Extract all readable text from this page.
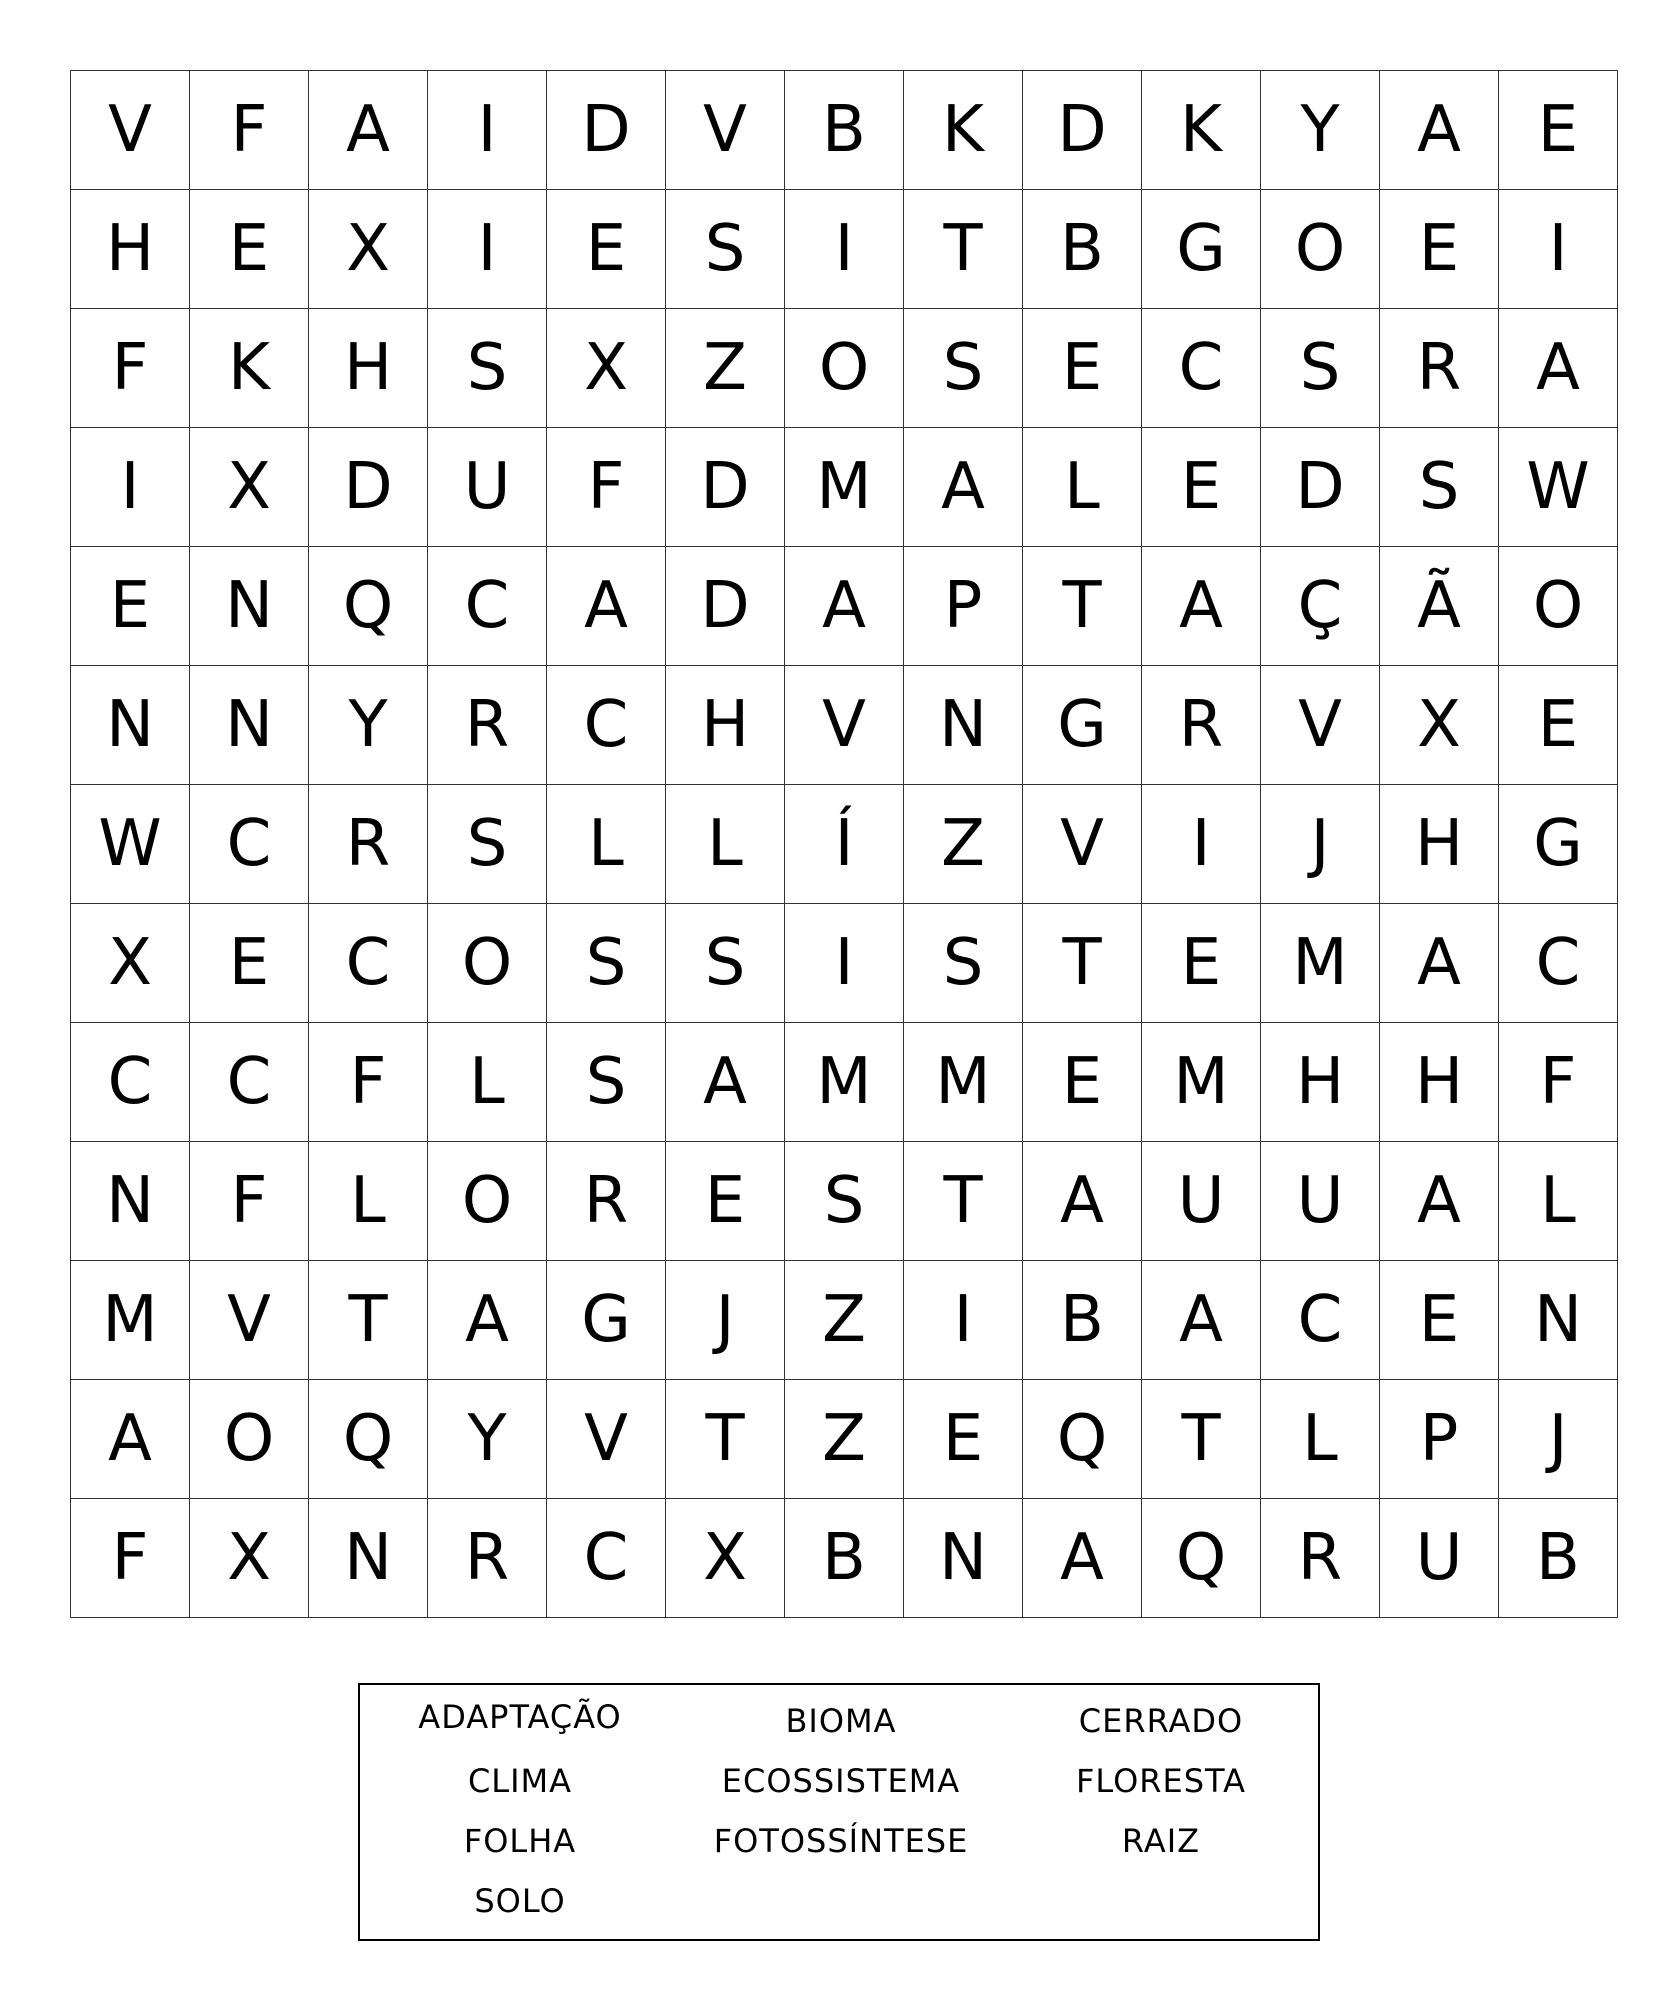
V	F	A	I	D	V	B	K	D	K	Y	A	E
H	E	X	I	E	S	I	T	B	G	O	E	I
F	K	H	S	X	Z	O	S	E	C	S	R	A
I	X	D	U	F	D	M	A	L	E	D	S	W
E	N	Q	C	A	D	A	P	T	A	Ç	Ã	O
N	N	Y	R	C	H	V	N	G	R	V	X	E
W	C	R	S	L	L	Í	Z	V	I	J	H	G
X	E	C	O	S	S	I	S	T	E	M	A	C
C	C	F	L	S	A	M	M	E	M	H	H	F
N	F	L	O	R	E	S	T	A	U	U	A	L
M	V	T	A	G	J	Z	I	B	A	C	E	N
A	O	Q	Y	V	T	Z	E	Q	T	L	P	J
F	X	N	R	C	X	B	N	A	Q	R	U	B
ADAPTAÇÃO	BIOMA	CERRADO
CLIMA	ECOSSISTEMA	FLORESTA
FOLHA	FOTOSSÍNTESE	RAIZ
SOLO
